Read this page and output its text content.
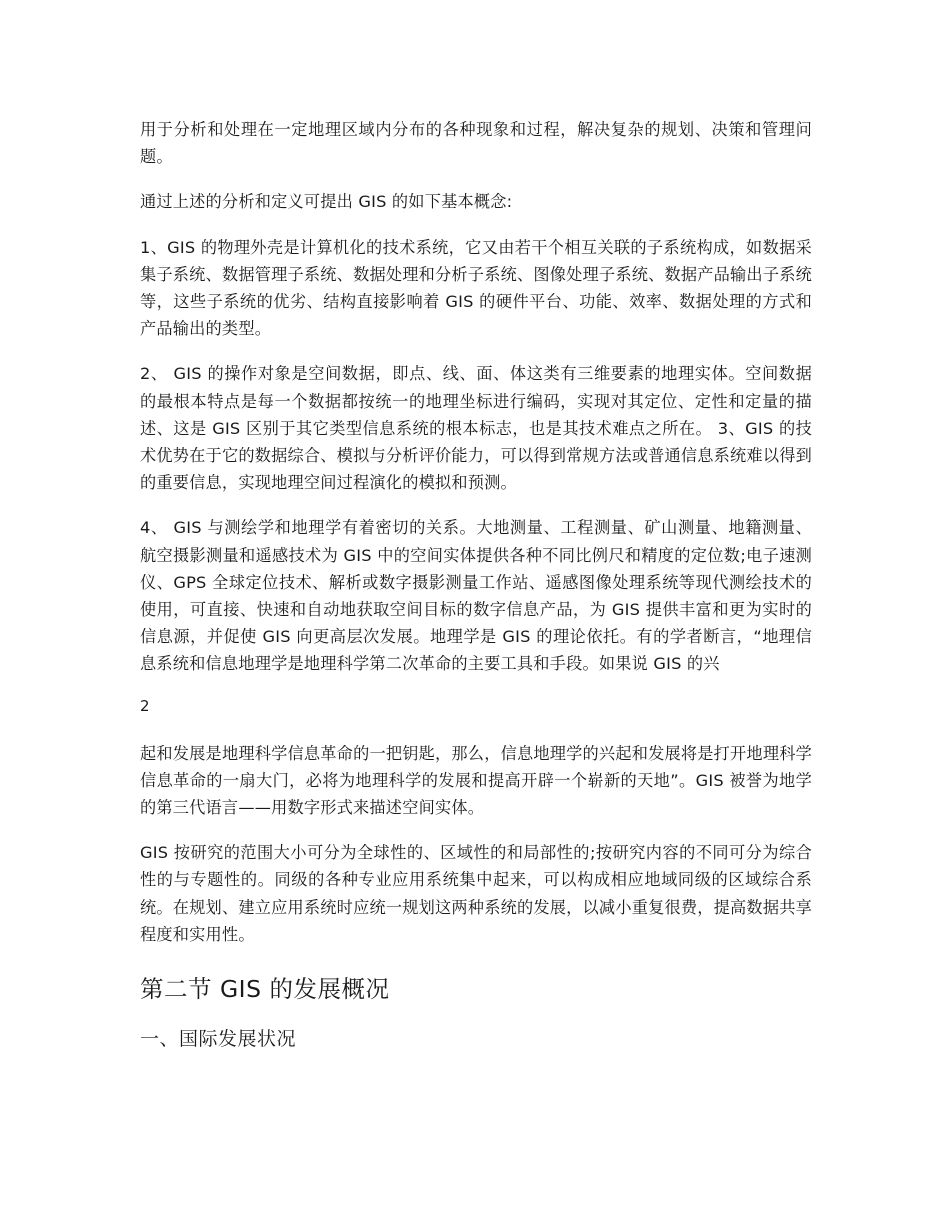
用于分析和处理在一定地理区域内分布的各种现象和过程，解决复杂的规划、决策和管理问题。

通过上述的分析和定义可提出 GIS 的如下基本概念:

1、GIS 的物理外壳是计算机化的技术系统，它又由若干个相互关联的子系统构成，如数据采集子系统、数据管理子系统、数据处理和分析子系统、图像处理子系统、数据产品输出子系统等，这些子系统的优劣、结构直接影响着 GIS 的硬件平台、功能、效率、数据处理的方式和产品输出的类型。

2、 GIS 的操作对象是空间数据，即点、线、面、体这类有三维要素的地理实体。空间数据的最根本特点是每一个数据都按统一的地理坐标进行编码，实现对其定位、定性和定量的描述、这是 GIS 区别于其它类型信息系统的根本标志，也是其技术难点之所在。 3、GIS 的技术优势在于它的数据综合、模拟与分析评价能力，可以得到常规方法或普通信息系统难以得到的重要信息，实现地理空间过程演化的模拟和预测。

4、 GIS 与测绘学和地理学有着密切的关系。大地测量、工程测量、矿山测量、地籍测量、航空摄影测量和遥感技术为 GIS 中的空间实体提供各种不同比例尺和精度的定位数;电子速测仪、GPS 全球定位技术、解析或数字摄影测量工作站、遥感图像处理系统等现代测绘技术的使用，可直接、快速和自动地获取空间目标的数字信息产品，为 GIS 提供丰富和更为实时的信息源，并促使 GIS 向更高层次发展。地理学是 GIS 的理论依托。有的学者断言，“地理信息系统和信息地理学是地理科学第二次革命的主要工具和手段。如果说 GIS 的兴

2

起和发展是地理科学信息革命的一把钥匙，那么，信息地理学的兴起和发展将是打开地理科学信息革命的一扇大门，必将为地理科学的发展和提高开辟一个崭新的天地”。GIS 被誉为地学的第三代语言——用数字形式来描述空间实体。

GIS 按研究的范围大小可分为全球性的、区域性的和局部性的;按研究内容的不同可分为综合性的与专题性的。同级的各种专业应用系统集中起来，可以构成相应地域同级的区域综合系统。在规划、建立应用系统时应统一规划这两种系统的发展，以减小重复很费，提高数据共享程度和实用性。

第二节 GIS 的发展概况
一、国际发展状况
